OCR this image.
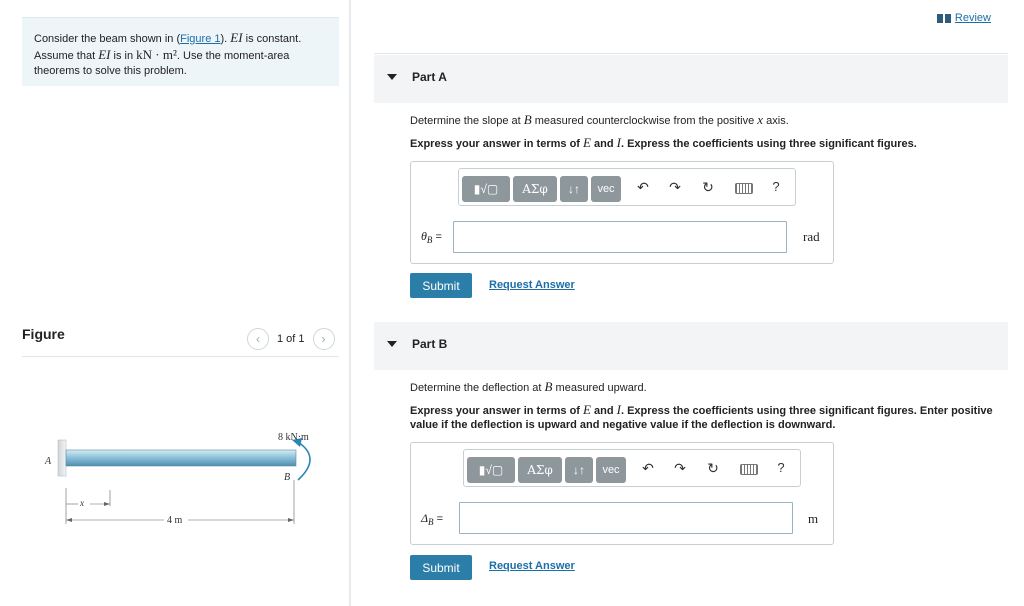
Consider the beam shown in (Figure 1). EI is constant. Assume that EI is in kN · m². Use the moment-area theorems to solve this problem.
Figure	‹	1 of 1	›
A
B
8 kN·m
x
4 m
Review
Part A
Determine the slope at B measured counterclockwise from the positive x axis.
Express your answer in terms of E and I. Express the coefficients using three significant figures.
▮√▢	ΑΣφ	↓↑	vec	↶ ↷ ↻	?
$\theta_B$ =	rad
Submit	Request Answer
Part B
Determine the deflection at B measured upward.
Express your answer in terms of E and I. Express the coefficients using three significant figures. Enter positive value if the deflection is upward and negative value if the deflection is downward.
▮√▢	ΑΣφ	↓↑	vec	↶ ↷ ↻	?
$\Delta_B$ =	m
Submit	Request Answer
